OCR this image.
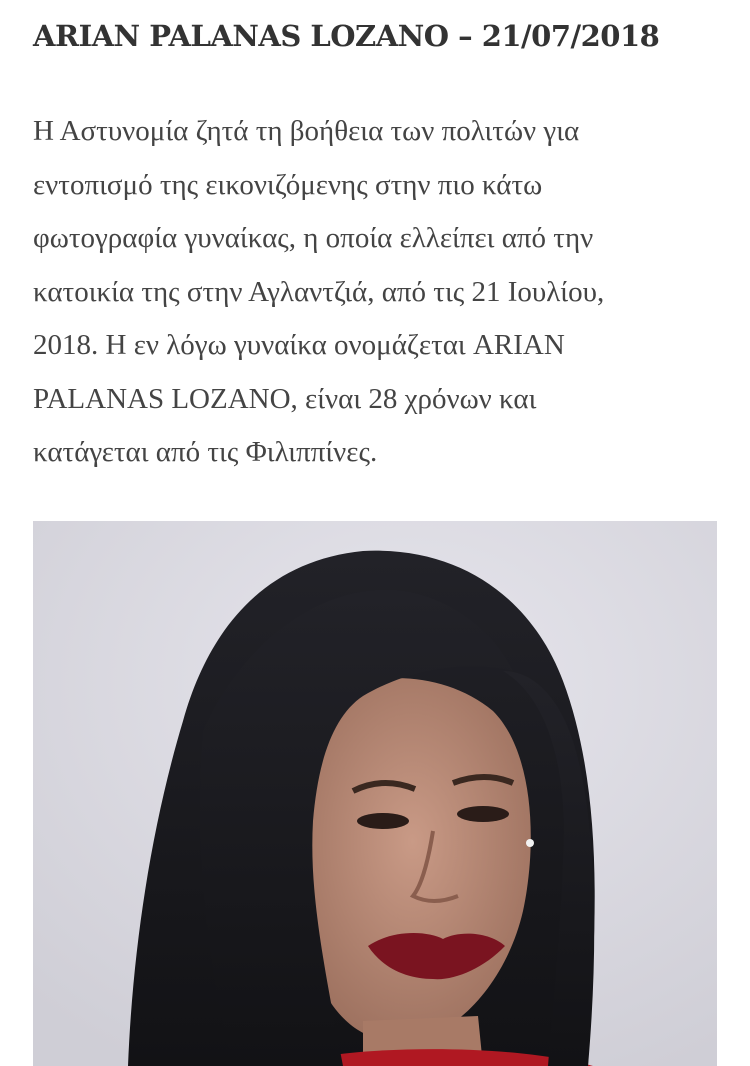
ARIAN PALANAS LOZANO – 21/07/2018

Η Αστυνομία ζητά τη βοήθεια των πολιτών για
εντοπισμό της εικονιζόμενης στην πιο κάτω
φωτογραφία γυναίκας, η οποία ελλείπει από την
κατοικία της στην Αγλαντζιά, από τις 21 Ιουλίου,
2018. Η εν λόγω γυναίκα ονομάζεται ARIAN
PALANAS LOZANO, είναι 28 χρόνων και
κατάγεται από τις Φιλιππίνες.
